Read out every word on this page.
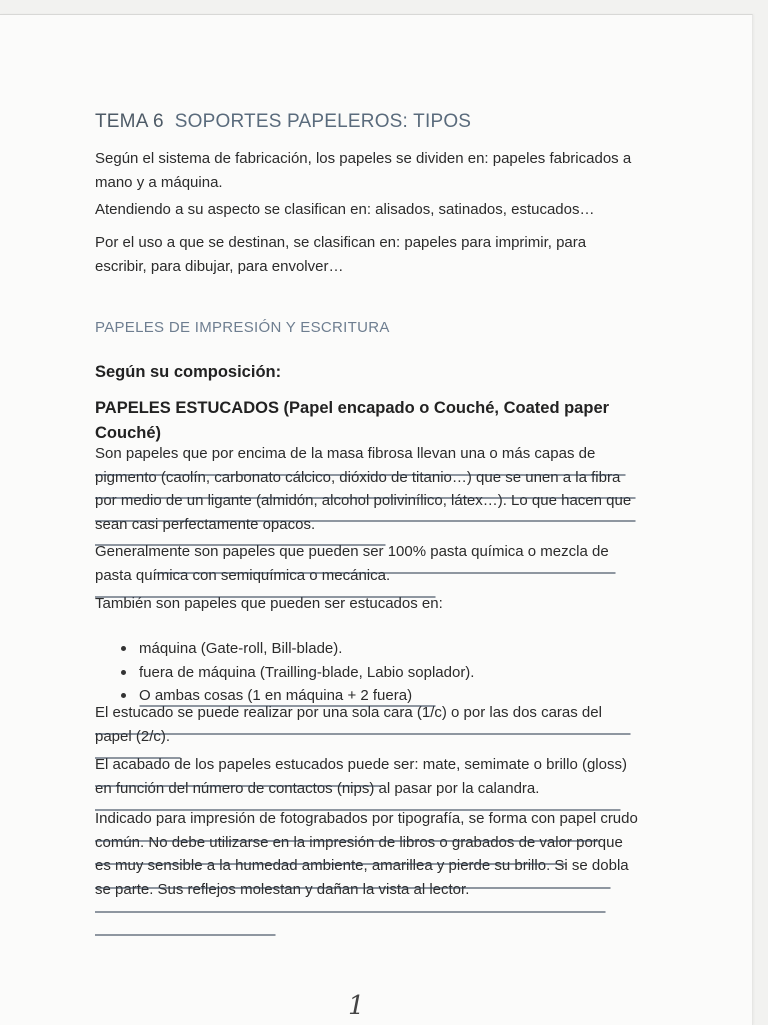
TEMA 6 SOPORTES PAPELEROS: TIPOS

Según el sistema de fabricación, los papeles se dividen en: papeles fabricados a mano y a máquina.

Atendiendo a su aspecto se clasifican en: alisados, satinados, estucados…

Por el uso a que se destinan, se clasifican en: papeles para imprimir, para escribir, para dibujar, para envolver…

PAPELES DE IMPRESIÓN Y ESCRITURA
Según su composición:
PAPELES ESTUCADOS (Papel encapado o Couché, Coated paper Couché)

Son papeles que por encima de la masa fibrosa llevan una o más capas de pigmento (caolín, carbonato cálcico, dióxido de titanio…) que se unen a la fibra por medio de un ligante (almidón, alcohol polivinílico, látex…). Lo que hacen que sean casi perfectamente opacos.

Generalmente son papeles que pueden ser 100% pasta química o mezcla de pasta química con semiquímica o mecánica.

También son papeles que pueden ser estucados en:

máquina (Gate-roll, Bill-blade).
fuera de máquina (Trailling-blade, Labio soplador).
O ambas cosas (1 en máquina + 2 fuera)

El estucado se puede realizar por una sola cara (1/c) o por las dos caras del papel (2/c).

El acabado de los papeles estucados puede ser: mate, semimate o brillo (gloss) en función del número de contactos (nips) al pasar por la calandra.

Indicado para impresión de fotograbados por tipografía, se forma con papel crudo común. No debe utilizarse en la impresión de libros o grabados de valor porque es muy sensible a la humedad ambiente, amarillea y pierde su brillo. Si se dobla se parte. Sus reflejos molestan y dañan la vista al lector.

1
